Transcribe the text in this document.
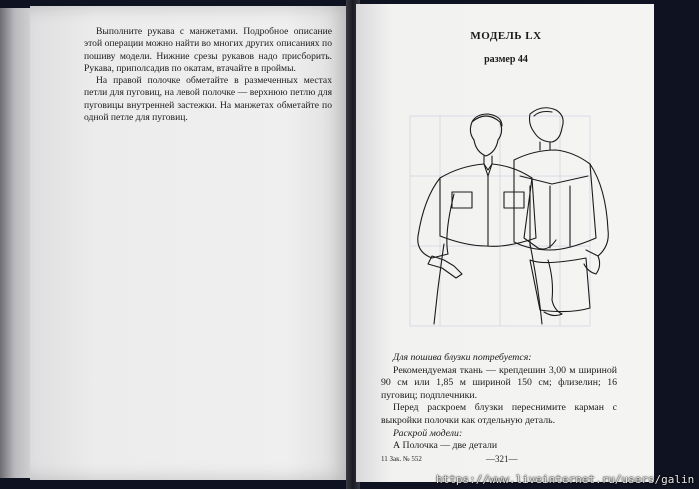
Выполните рукава с манжетами. Подробное описание этой операции можно найти во многих других описаниях по пошиву модели. Нижние срезы рукавов надо присборить. Рукава, приполсадив по окатам, втачайте в проймы.

На правой полочке обметайте в размеченных местах петли для пуговиц, на левой полочке — верхнюю петлю для пуговицы внутренней застежки. На манжетах обметайте по одной петле для пуговиц.

МОДЕЛЬ LX
размер 44

Для пошива блузки потребуется:

Рекомендуемая ткань — крепдешин 3,00 м шириной 90 см или 1,85 м шириной 150 см; флизелин; 16 пуговиц; подплечники.

Перед раскроем блузки переснимите карман с выкройки полочки как отдельную деталь.

Раскрой модели:

А Полочка — две детали

11 Зак. № 552	—321—
https://www.liveinternet.ru/users/galin
